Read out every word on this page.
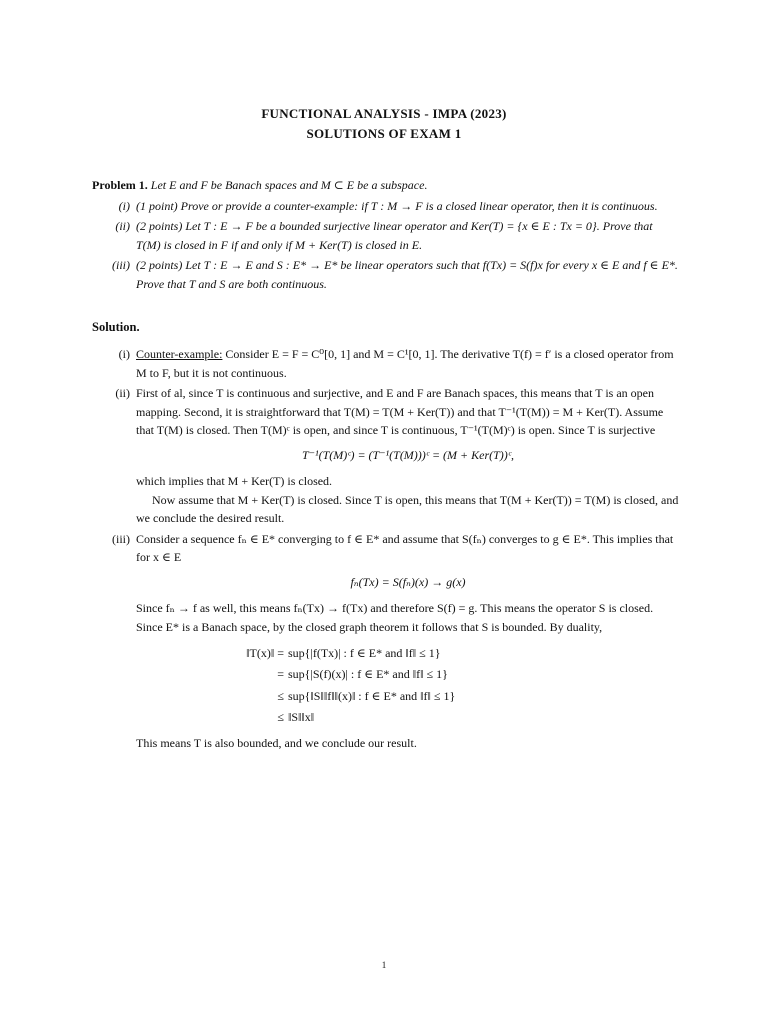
FUNCTIONAL ANALYSIS - IMPA (2023)
SOLUTIONS OF EXAM 1
Problem 1. Let E and F be Banach spaces and M ⊂ E be a subspace.
(i) (1 point) Prove or provide a counter-example: if T : M → F is a closed linear operator, then it is continuous.
(ii) (2 points) Let T : E → F be a bounded surjective linear operator and Ker(T) = {x ∈ E : Tx = 0}. Prove that T(M) is closed in F if and only if M + Ker(T) is closed in E.
(iii) (2 points) Let T : E → E and S : E* → E* be linear operators such that f(Tx) = S(f)x for every x ∈ E and f ∈ E*. Prove that T and S are both continuous.
Solution.
(i) Counter-example: Consider E = F = C⁰[0, 1] and M = C¹[0, 1]. The derivative T(f) = f′ is a closed operator from M to F, but it is not continuous.
(ii) First of al, since T is continuous and surjective, and E and F are Banach spaces, this means that T is an open mapping. Second, it is straightforward that T(M) = T(M + Ker(T)) and that T⁻¹(T(M)) = M + Ker(T). Assume that T(M) is closed. Then T(M)ᶜ is open, and since T is continuous, T⁻¹(T(M)ᶜ) is open. Since T is surjective
T⁻¹(T(M)ᶜ) = (T⁻¹(T(M)))ᶜ = (M + Ker(T))ᶜ,
which implies that M + Ker(T) is closed.
Now assume that M + Ker(T) is closed. Since T is open, this means that T(M + Ker(T)) = T(M) is closed, and we conclude the desired result.
(iii) Consider a sequence fₙ ∈ E* converging to f ∈ E* and assume that S(fₙ) converges to g ∈ E*. This implies that for x ∈ E
fₙ(Tx) = S(fₙ)(x) → g(x)
Since fₙ → f as well, this means fₙ(Tx) → f(Tx) and therefore S(f) = g. This means the operator S is closed. Since E* is a Banach space, by the closed graph theorem it follows that S is bounded. By duality,
‖T(x)‖ =	sup{|f(Tx)| : f ∈ E* and ‖f‖ ≤ 1}
=	sup{|S(f)(x)| : f ∈ E* and ‖f‖ ≤ 1}
≤	sup{‖S‖‖f‖‖(x)‖ : f ∈ E* and ‖f‖ ≤ 1}
≤	‖S‖‖x‖
This means T is also bounded, and we conclude our result.
1
